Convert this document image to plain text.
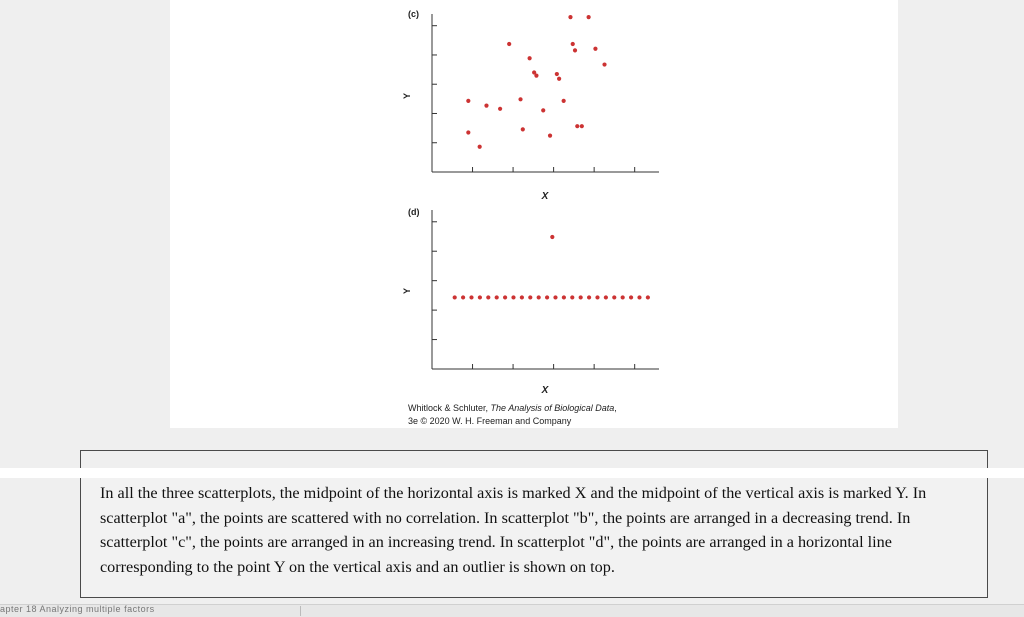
(c)
Y
X
(d)
Y
X
Whitlock & Schluter, The Analysis of Biological Data,
3e © 2020 W. H. Freeman and Company

In all the three scatterplots, the midpoint of the horizontal axis is marked X and the midpoint of the vertical axis is marked Y. In scatterplot "a", the points are scattered with no correlation. In scatterplot "b", the points are arranged in a decreasing trend. In scatterplot "c", the points are arranged in an increasing trend. In scatterplot "d", the points are arranged in a horizontal line corresponding to the point Y on the vertical axis and an outlier is shown on top.

apter 18 Analyzing multiple factors
